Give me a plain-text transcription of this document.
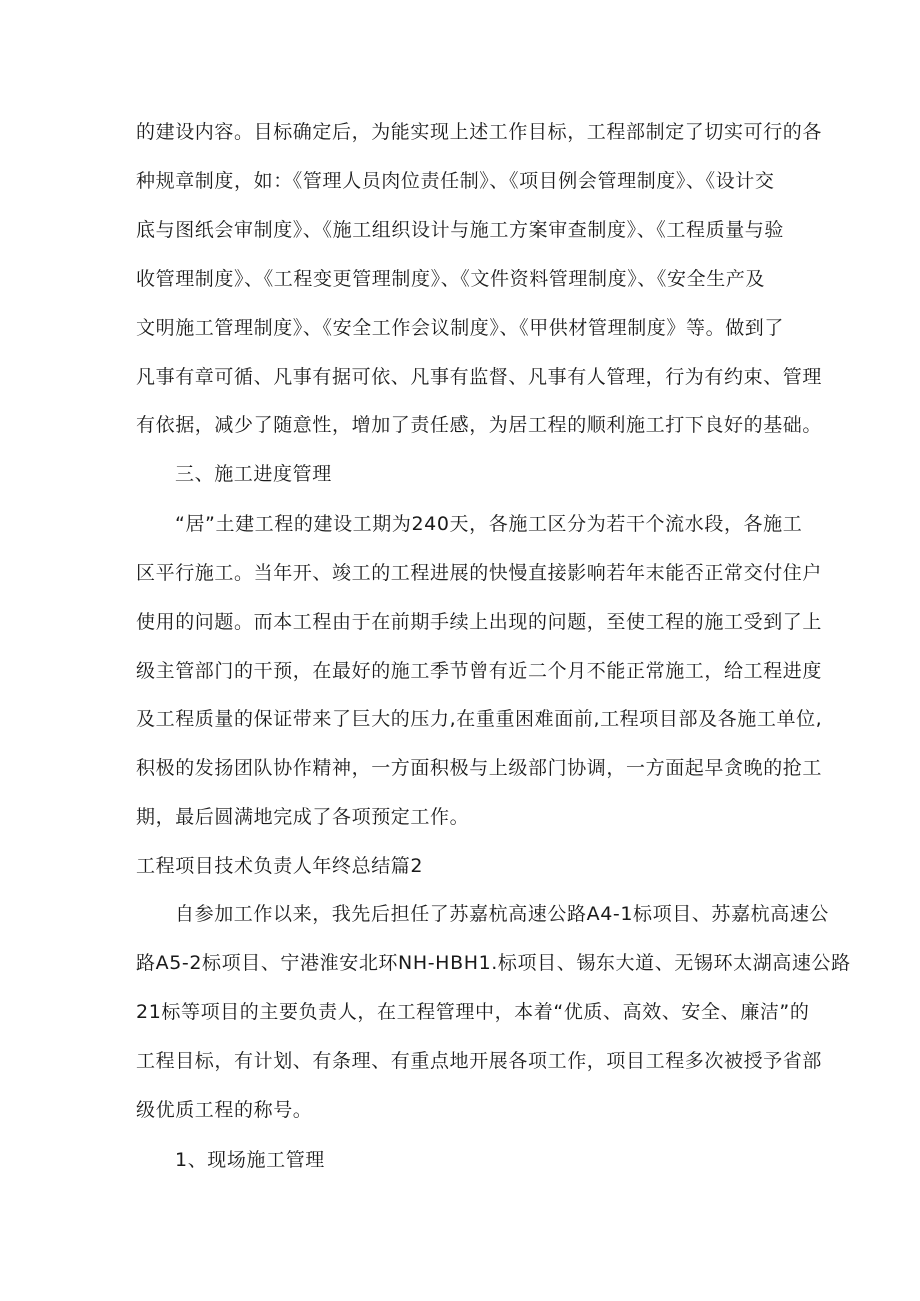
的建设内容。目标确定后，为能实现上述工作目标，工程部制定了切实可行的各
种规章制度，如：《管理人员肉位责任制》、《项目例会管理制度》、《设计交
底与图纸会审制度》、《施工组织设计与施工方案审查制度》、《工程质量与验
收管理制度》、《工程变更管理制度》、《文件资料管理制度》、《安全生产及
文明施工管理制度》、《安全工作会议制度》、《甲供材管理制度》等。做到了
凡事有章可循、凡事有据可依、凡事有监督、凡事有人管理，行为有约束、管理
有依据，减少了随意性，增加了责任感，为居工程的顺利施工打下良好的基础。
三、施工进度管理
“居”土建工程的建设工期为240天，各施工区分为若干个流水段，各施工
区平行施工。当年开、竣工的工程进展的快慢直接影响若年末能否正常交付住户
使用的问题。而本工程由于在前期手续上出现的问题，至使工程的施工受到了上
级主管部门的干预，在最好的施工季节曾有近二个月不能正常施工，给工程进度
及工程质量的保证带来了巨大的压力,在重重困难面前,工程项目部及各施工单位,
积极的发扬团队协作精神，一方面积极与上级部门协调，一方面起早贪晚的抢工
期，最后圆满地完成了各项预定工作。
工程项目技术负责人年终总结篇2
自参加工作以来，我先后担任了苏嘉杭高速公路A4-1标项目、苏嘉杭高速公
路A5-2标项目、宁港淮安北环NH-HBH1.标项目、锡东大道、无锡环太湖高速公路
21标等项目的主要负责人，在工程管理中，本着“优质、高效、安全、廉洁”的
工程目标，有计划、有条理、有重点地开展各项工作，项目工程多次被授予省部
级优质工程的称号。
1、现场施工管理
